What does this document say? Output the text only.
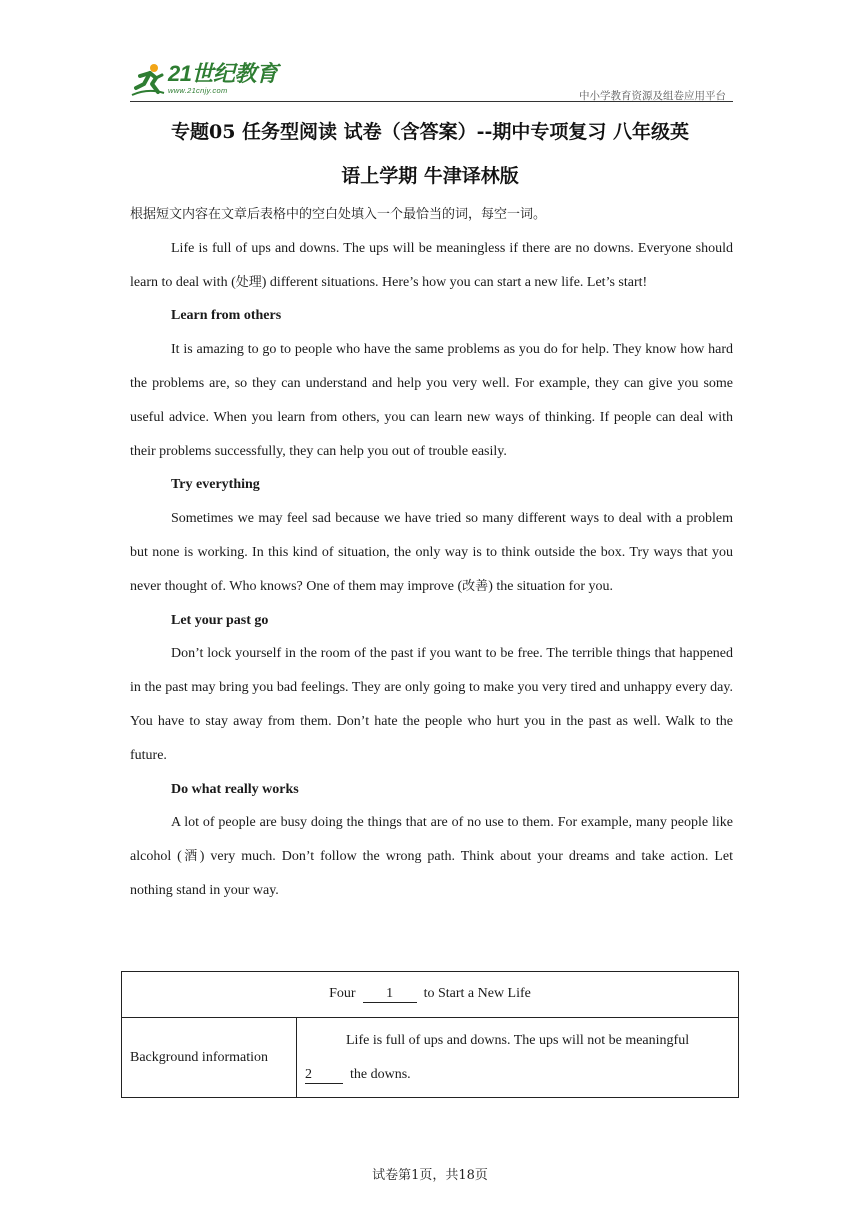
21世纪教育
www.21cnjy.com	中小学教育资源及组卷应用平台
专题05 任务型阅读 试卷（含答案）--期中专项复习 八年级英
语上学期 牛津译林版

根据短文内容在文章后表格中的空白处填入一个最恰当的词，每空一词。

Life is full of ups and downs. The ups will be meaningless if there are no downs. Everyone should learn to deal with (处理) different situations. Here’s how you can start a new life. Let’s start!

Learn from others

It is amazing to go to people who have the same problems as you do for help. They know how hard the problems are, so they can understand and help you very well. For example, they can give you some useful advice. When you learn from others, you can learn new ways of thinking. If people can deal with their problems successfully, they can help you out of trouble easily.

Try everything

Sometimes we may feel sad because we have tried so many different ways to deal with a problem but none is working. In this kind of situation, the only way is to think outside the box. Try ways that you never thought of. Who knows? One of them may improve (改善) the situation for you.

Let your past go

Don’t lock yourself in the room of the past if you want to be free. The terrible things that happened in the past may bring you bad feelings. They are only going to make you very tired and unhappy every day. You have to stay away from them. Don’t hate the people who hurt you in the past as well. Walk to the future.

Do what really works

A lot of people are busy doing the things that are of no use to them. For example, many people like alcohol (酒) very much. Don’t follow the wrong path. Think about your dreams and take action. Let nothing stand in your way.

Four 1 to Start a New Life
Background information	
Life is full of ups and downs. The ups will not be meaningful
2	the downs.
试卷第1页，共18页
